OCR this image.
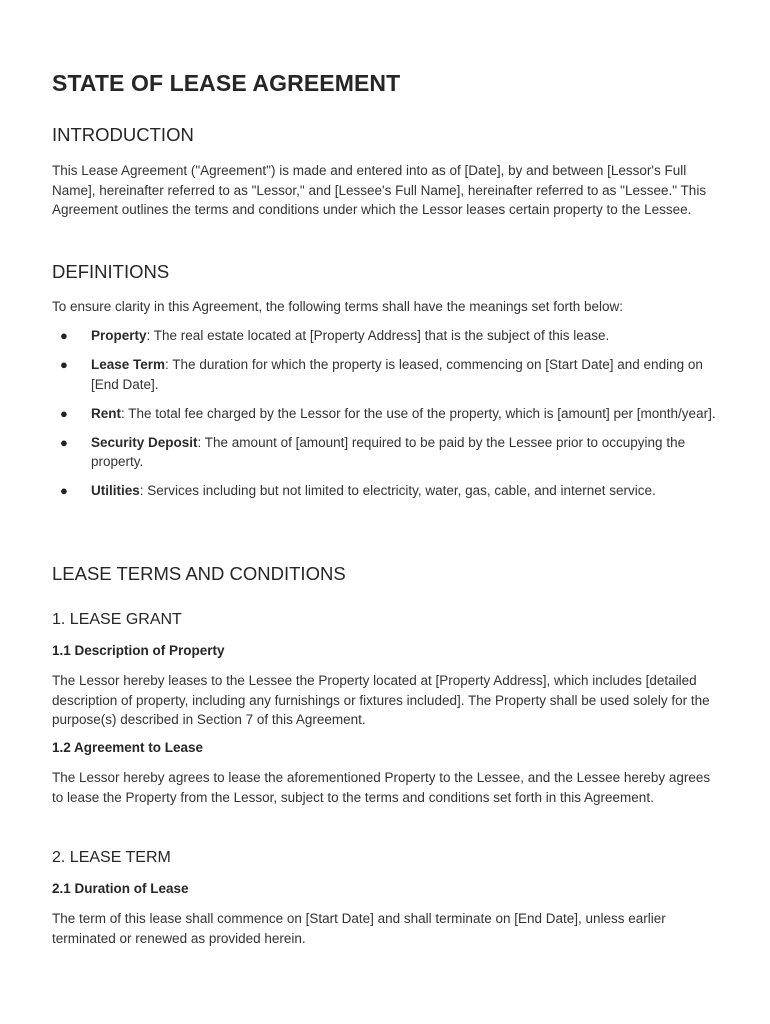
STATE OF LEASE AGREEMENT
INTRODUCTION

This Lease Agreement ("Agreement") is made and entered into as of [Date], by and between [Lessor's Full Name], hereinafter referred to as "Lessor," and [Lessee's Full Name], hereinafter referred to as "Lessee." This Agreement outlines the terms and conditions under which the Lessor leases certain property to the Lessee.

DEFINITIONS

To ensure clarity in this Agreement, the following terms shall have the meanings set forth below:

● Property: The real estate located at [Property Address] that is the subject of this lease.
● Lease Term: The duration for which the property is leased, commencing on [Start Date] and ending on [End Date].
● Rent: The total fee charged by the Lessor for the use of the property, which is [amount] per [month/year].
● Security Deposit: The amount of [amount] required to be paid by the Lessee prior to occupying the property.
● Utilities: Services including but not limited to electricity, water, gas, cable, and internet service.
LEASE TERMS AND CONDITIONS
1. LEASE GRANT
1.1 Description of Property

The Lessor hereby leases to the Lessee the Property located at [Property Address], which includes [detailed description of property, including any furnishings or fixtures included]. The Property shall be used solely for the purpose(s) described in Section 7 of this Agreement.

1.2 Agreement to Lease

The Lessor hereby agrees to lease the aforementioned Property to the Lessee, and the Lessee hereby agrees to lease the Property from the Lessor, subject to the terms and conditions set forth in this Agreement.

2. LEASE TERM
2.1 Duration of Lease

The term of this lease shall commence on [Start Date] and shall terminate on [End Date], unless earlier terminated or renewed as provided herein.
